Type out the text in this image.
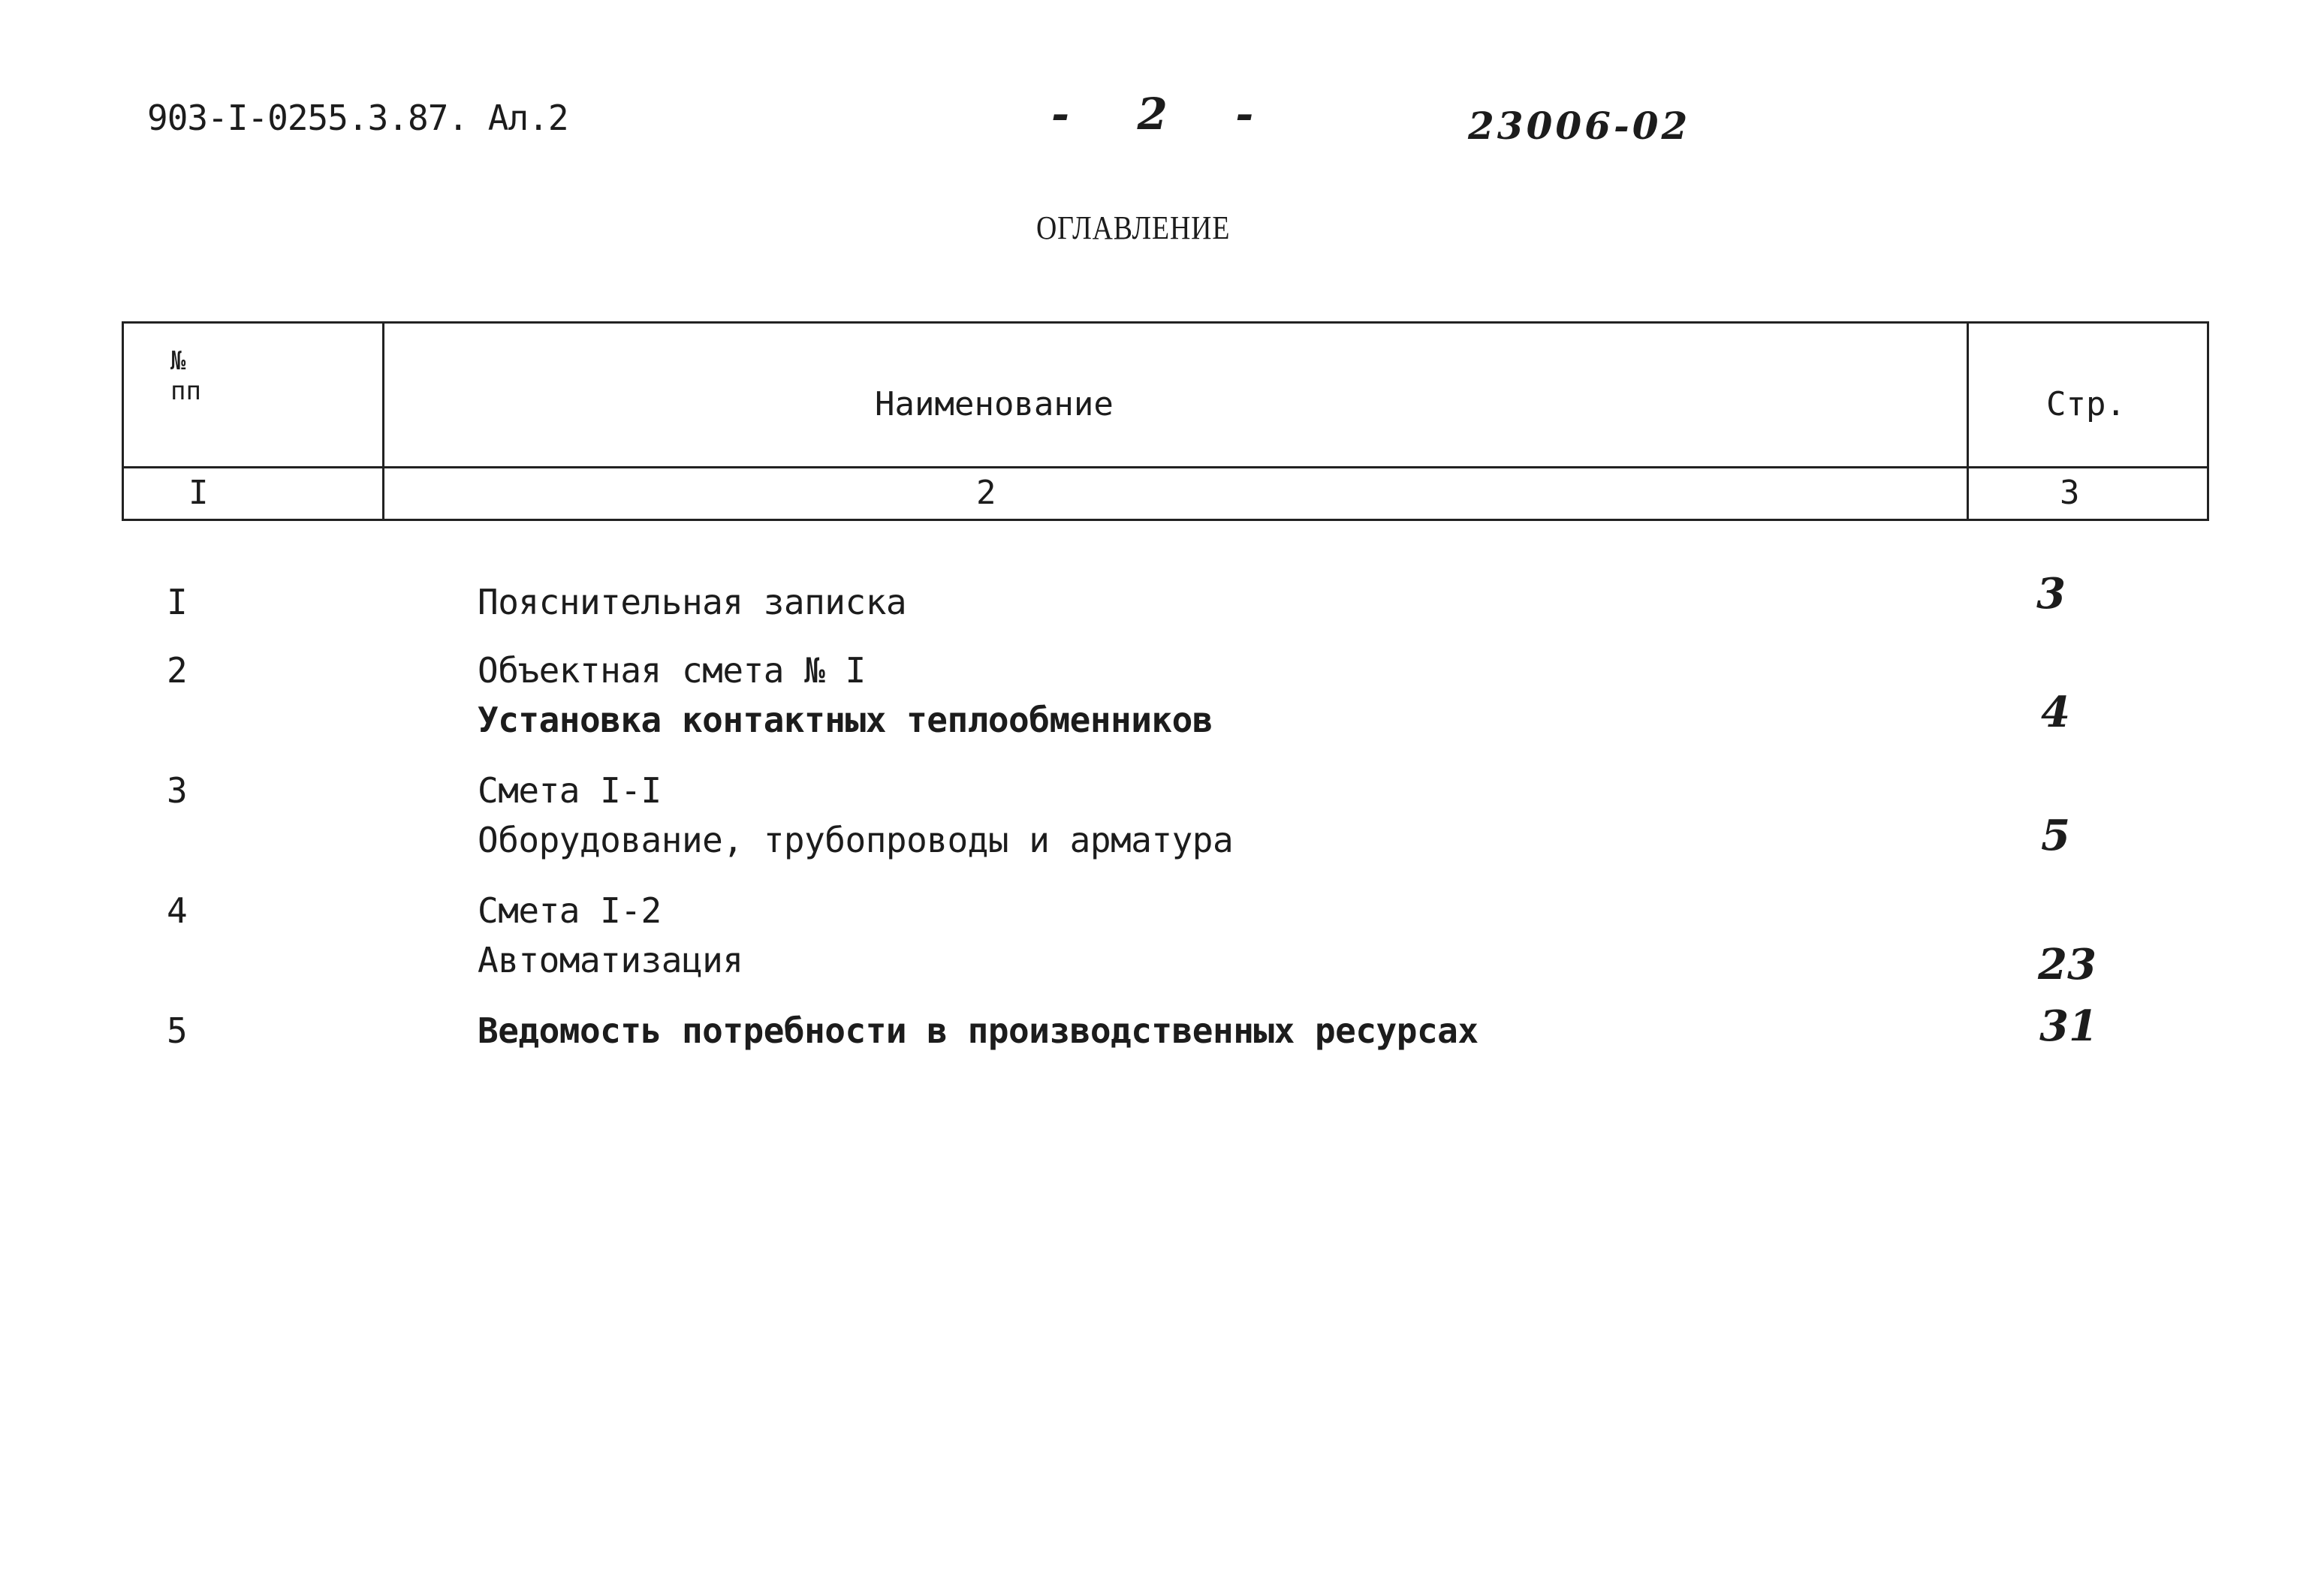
903-I-0255.3.87. Ал.2	- 2 -	23006-02
ОГЛАВЛЕНИЕ
№
пп	Наименование	Стр.
I	2	3
I	Пояснительная записка	3
2	Объектная смета № I
Установка контактных теплообменников	4
3	Смета I-I
Оборудование, трубопроводы и арматура	5
4	Смета I-2
Автоматизация	23
5	Ведомость потребности в производственных ресурсах	31
